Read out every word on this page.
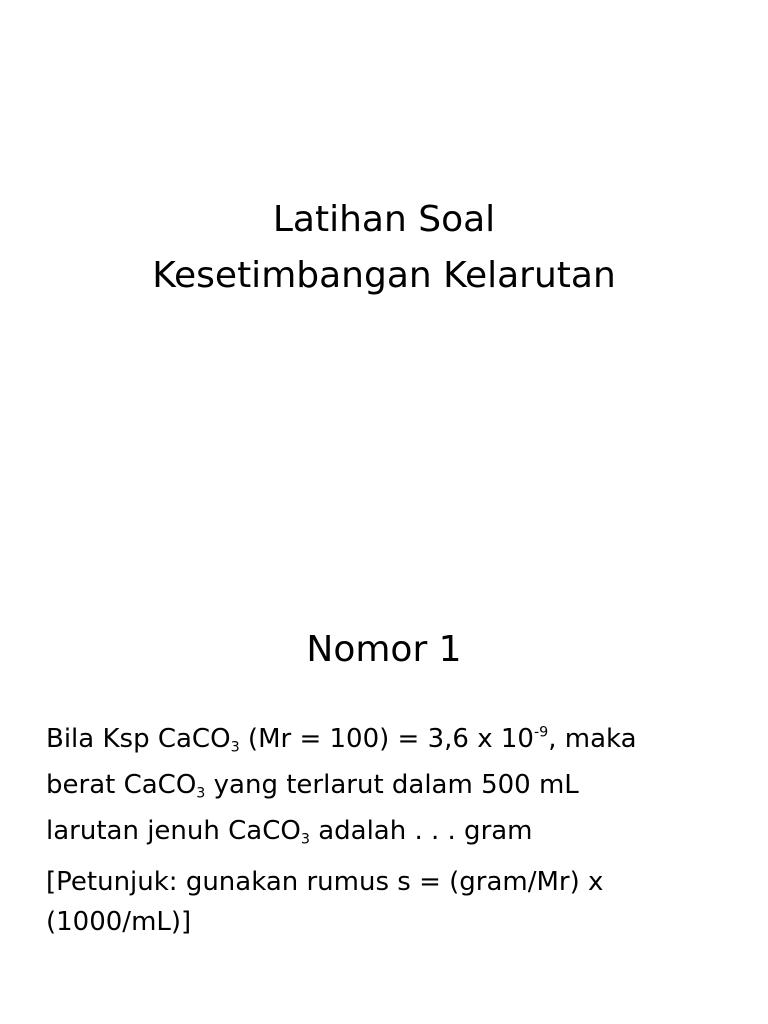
Latihan Soal
Kesetimbangan Kelarutan
Nomor 1

Bila Ksp CaCO$_3$ (Mr = 100) = 3,6 x $10^{-9}$, maka
berat CaCO$_3$ yang terlarut dalam 500 mL
larutan jenuh CaCO$_3$ adalah . . . gram

[Petunjuk: gunakan rumus s = (gram/Mr) x
(1000/mL)]
